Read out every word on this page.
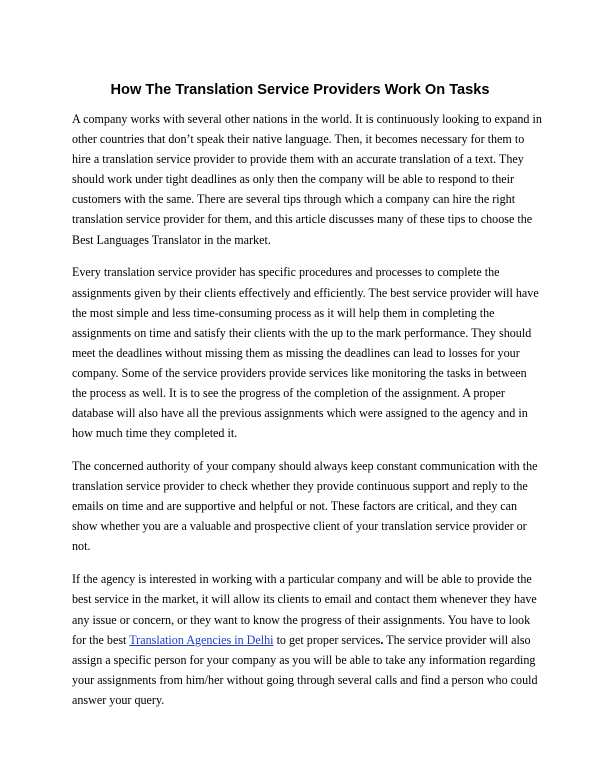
How The Translation Service Providers Work On Tasks

A company works with several other nations in the world. It is continuously looking to expand in
other countries that don’t speak their native language. Then, it becomes necessary for them to
hire a translation service provider to provide them with an accurate translation of a text. They
should work under tight deadlines as only then the company will be able to respond to their
customers with the same. There are several tips through which a company can hire the right
translation service provider for them, and this article discusses many of these tips to choose the
Best Languages Translator in the market.

Every translation service provider has specific procedures and processes to complete the
assignments given by their clients effectively and efficiently. The best service provider will have
the most simple and less time-consuming process as it will help them in completing the
assignments on time and satisfy their clients with the up to the mark performance. They should
meet the deadlines without missing them as missing the deadlines can lead to losses for your
company. Some of the service providers provide services like monitoring the tasks in between
the process as well. It is to see the progress of the completion of the assignment. A proper
database will also have all the previous assignments which were assigned to the agency and in
how much time they completed it.

The concerned authority of your company should always keep constant communication with the
translation service provider to check whether they provide continuous support and reply to the
emails on time and are supportive and helpful or not. These factors are critical, and they can
show whether you are a valuable and prospective client of your translation service provider or
not.

If the agency is interested in working with a particular company and will be able to provide the
best service in the market, it will allow its clients to email and contact them whenever they have
any issue or concern, or they want to know the progress of their assignments. You have to look
for the best Translation Agencies in Delhi to get proper services. The service provider will also
assign a specific person for your company as you will be able to take any information regarding
your assignments from him/her without going through several calls and find a person who could
answer your query.
